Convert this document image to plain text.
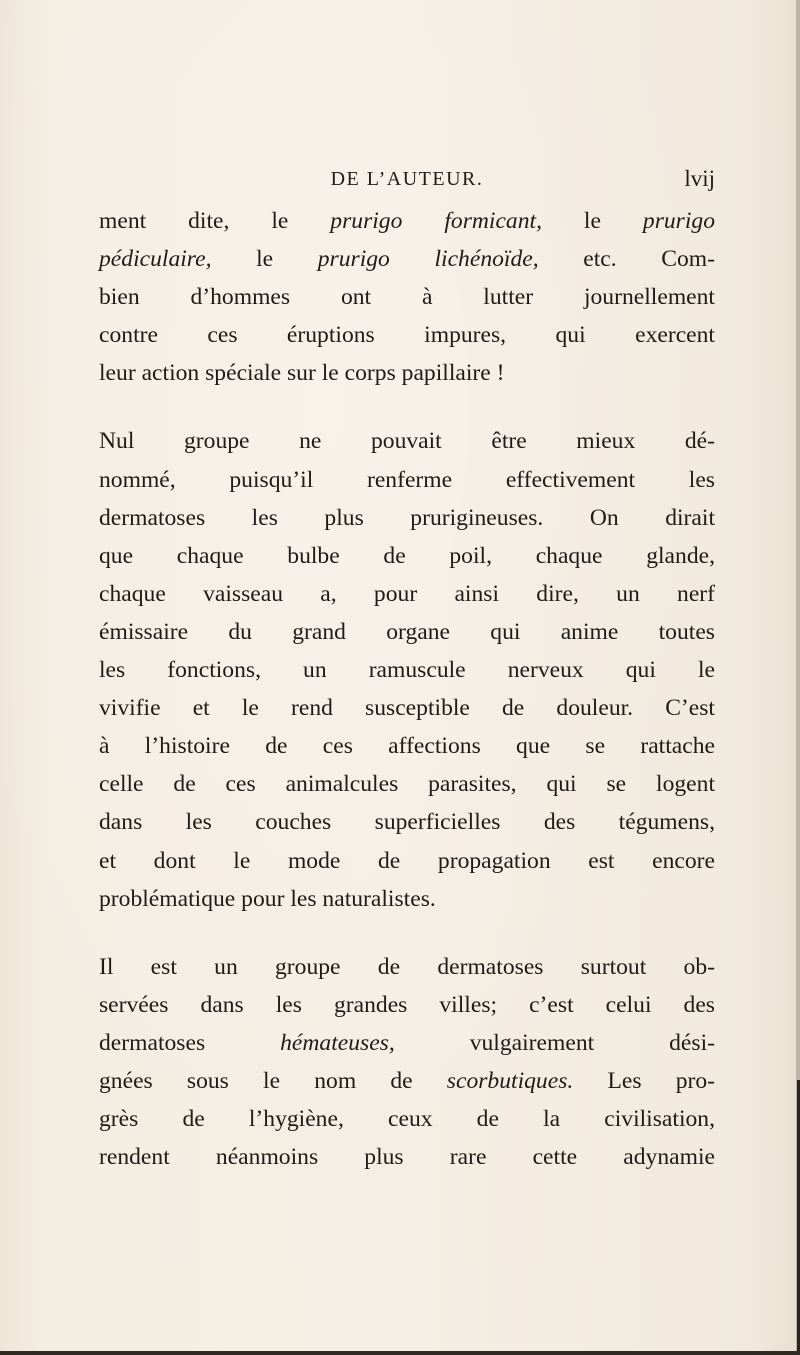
DE L’AUTEUR.	lvij
ment dite, le prurigo formicant, le prurigo
pédiculaire, le prurigo lichénoïde, etc. Com-
bien d’hommes ont à lutter journellement
contre ces éruptions impures, qui exercent
leur action spéciale sur le corps papillaire !
Nul groupe ne pouvait être mieux dé-
nommé, puisqu’il renferme effectivement les
dermatoses les plus prurigineuses. On dirait
que chaque bulbe de poil, chaque glande,
chaque vaisseau a, pour ainsi dire, un nerf
émissaire du grand organe qui anime toutes
les fonctions, un ramuscule nerveux qui le
vivifie et le rend susceptible de douleur. C’est
à l’histoire de ces affections que se rattache
celle de ces animalcules parasites, qui se logent
dans les couches superficielles des tégumens,
et dont le mode de propagation est encore
problématique pour les naturalistes.
Il est un groupe de dermatoses surtout ob-
servées dans les grandes villes; c’est celui des
dermatoses hémateuses, vulgairement dési-
gnées sous le nom de scorbutiques. Les pro-
grès de l’hygiène, ceux de la civilisation,
rendent néanmoins plus rare cette adynamie
